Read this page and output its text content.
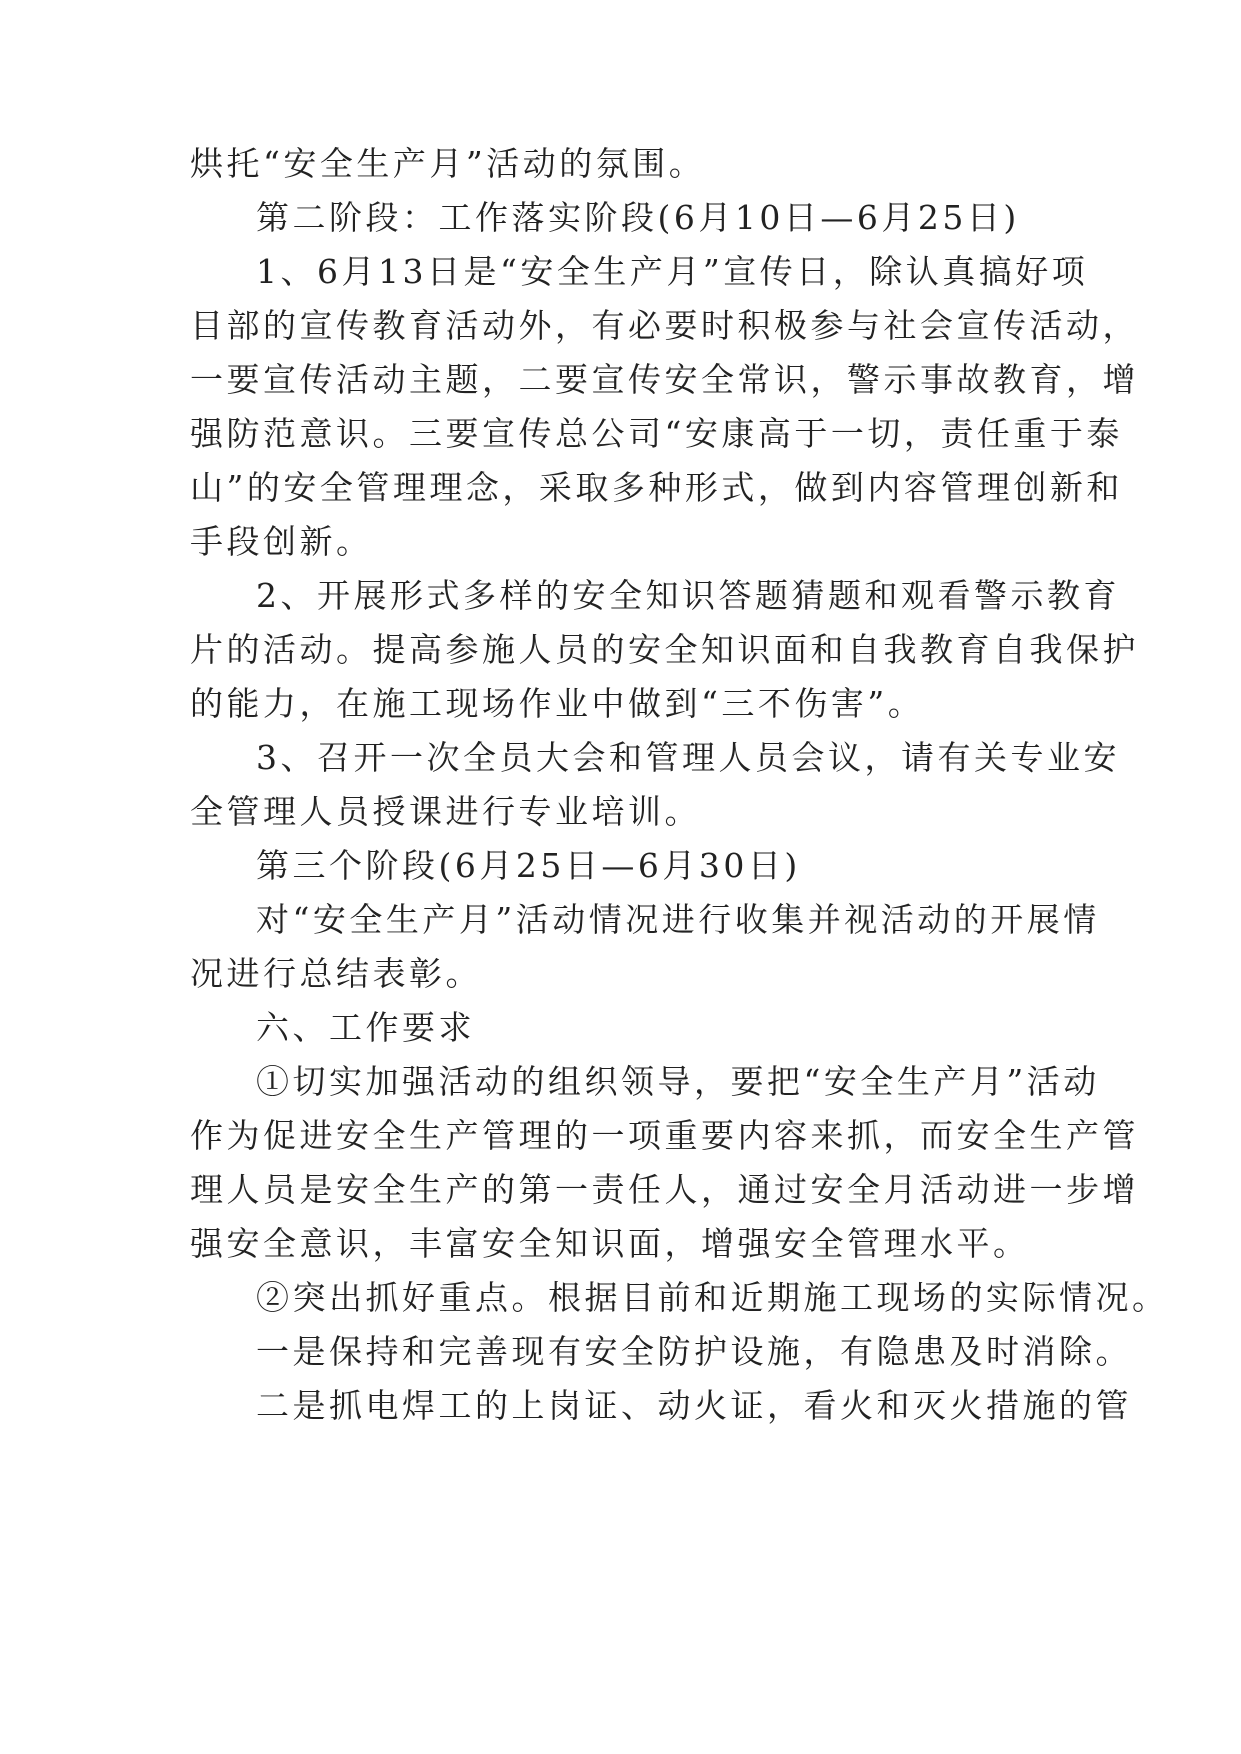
烘托“安全生产月”活动的氛围。
第二阶段：工作落实阶段(6月10日—6月25日)
1、6月13日是“安全生产月”宣传日，除认真搞好项
目部的宣传教育活动外，有必要时积极参与社会宣传活动，
一要宣传活动主题，二要宣传安全常识，警示事故教育，增
强防范意识。三要宣传总公司“安康高于一切，责任重于泰
山”的安全管理理念，采取多种形式，做到内容管理创新和
手段创新。
2、开展形式多样的安全知识答题猜题和观看警示教育
片的活动。提高参施人员的安全知识面和自我教育自我保护
的能力，在施工现场作业中做到“三不伤害”。
3、召开一次全员大会和管理人员会议，请有关专业安
全管理人员授课进行专业培训。
第三个阶段(6月25日—6月30日)
对“安全生产月”活动情况进行收集并视活动的开展情
况进行总结表彰。
六、工作要求
①切实加强活动的组织领导，要把“安全生产月”活动
作为促进安全生产管理的一项重要内容来抓，而安全生产管
理人员是安全生产的第一责任人，通过安全月活动进一步增
强安全意识，丰富安全知识面，增强安全管理水平。
②突出抓好重点。根据目前和近期施工现场的实际情况。
一是保持和完善现有安全防护设施，有隐患及时消除。
二是抓电焊工的上岗证、动火证，看火和灭火措施的管
